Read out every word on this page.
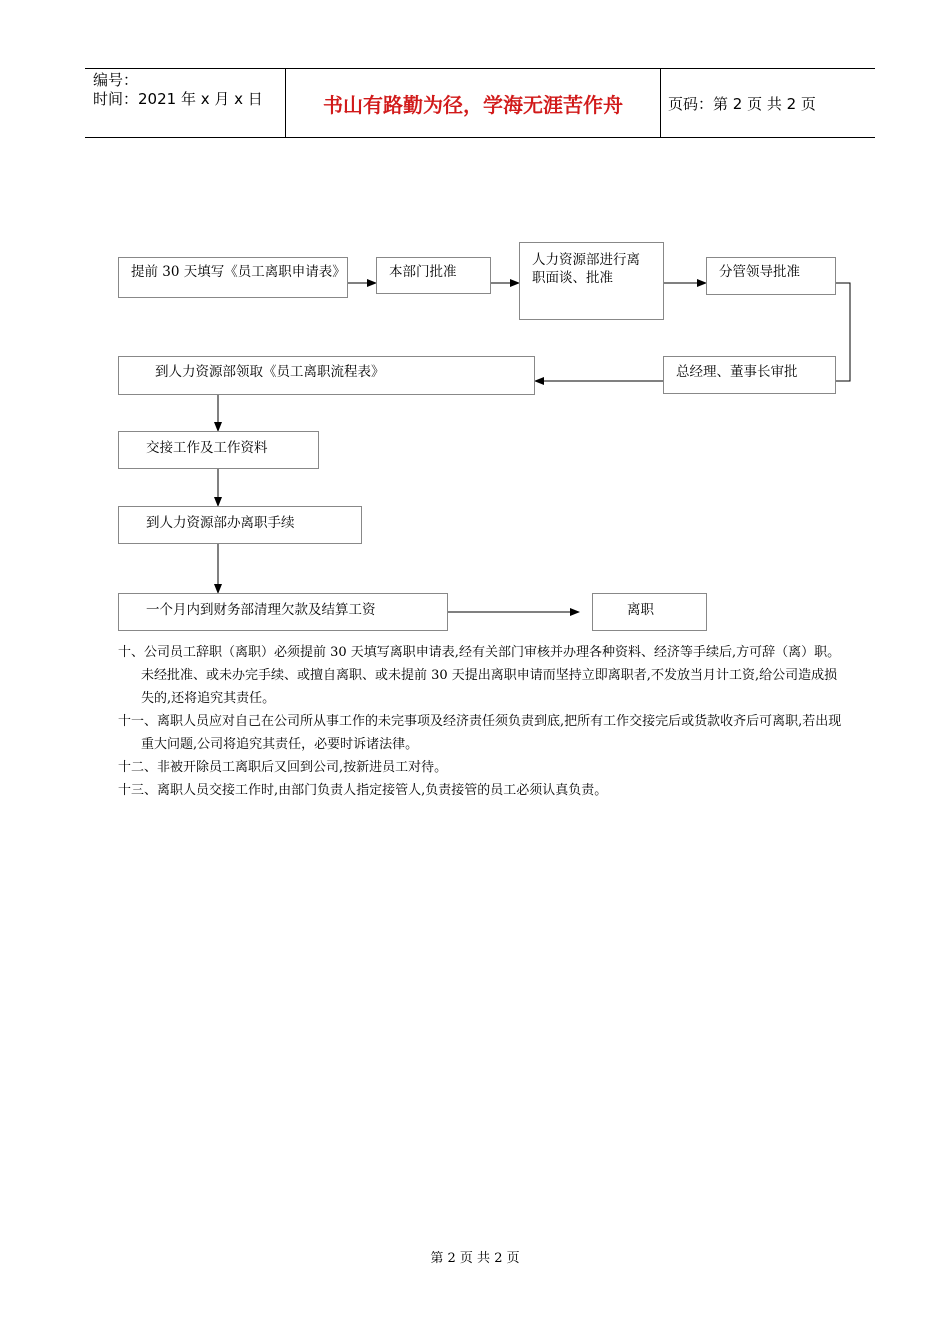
编号：
时间：2021 年 x 月 x 日	书山有路勤为径，学海无涯苦作舟	页码：第 2 页 共 2 页
提前 30 天填写《员工离职申请表》	本部门批准
人力资源部进行离职面谈、批准	分管领导批准
总经理、董事长审批
到人力资源部领取《员工离职流程表》
交接工作及工作资料
到人力资源部办离职手续
一个月内到财务部清理欠款及结算工资	离职

十、公司员工辞职（离职）必须提前 30 天填写离职申请表,经有关部门审核并办理各种资料、经济等手续后,方可辞（离）职。未经批准、或未办完手续、或擅自离职、或未提前 30 天提出离职申请而坚持立即离职者,不发放当月计工资,给公司造成损失的,还将追究其责任。

十一、离职人员应对自己在公司所从事工作的未完事项及经济责任须负责到底,把所有工作交接完后或货款收齐后可离职,若出现重大问题,公司将追究其责任，必要时诉诸法律。

十二、非被开除员工离职后又回到公司,按新进员工对待。

十三、离职人员交接工作时,由部门负责人指定接管人,负责接管的员工必须认真负责。

第 2 页 共 2 页
